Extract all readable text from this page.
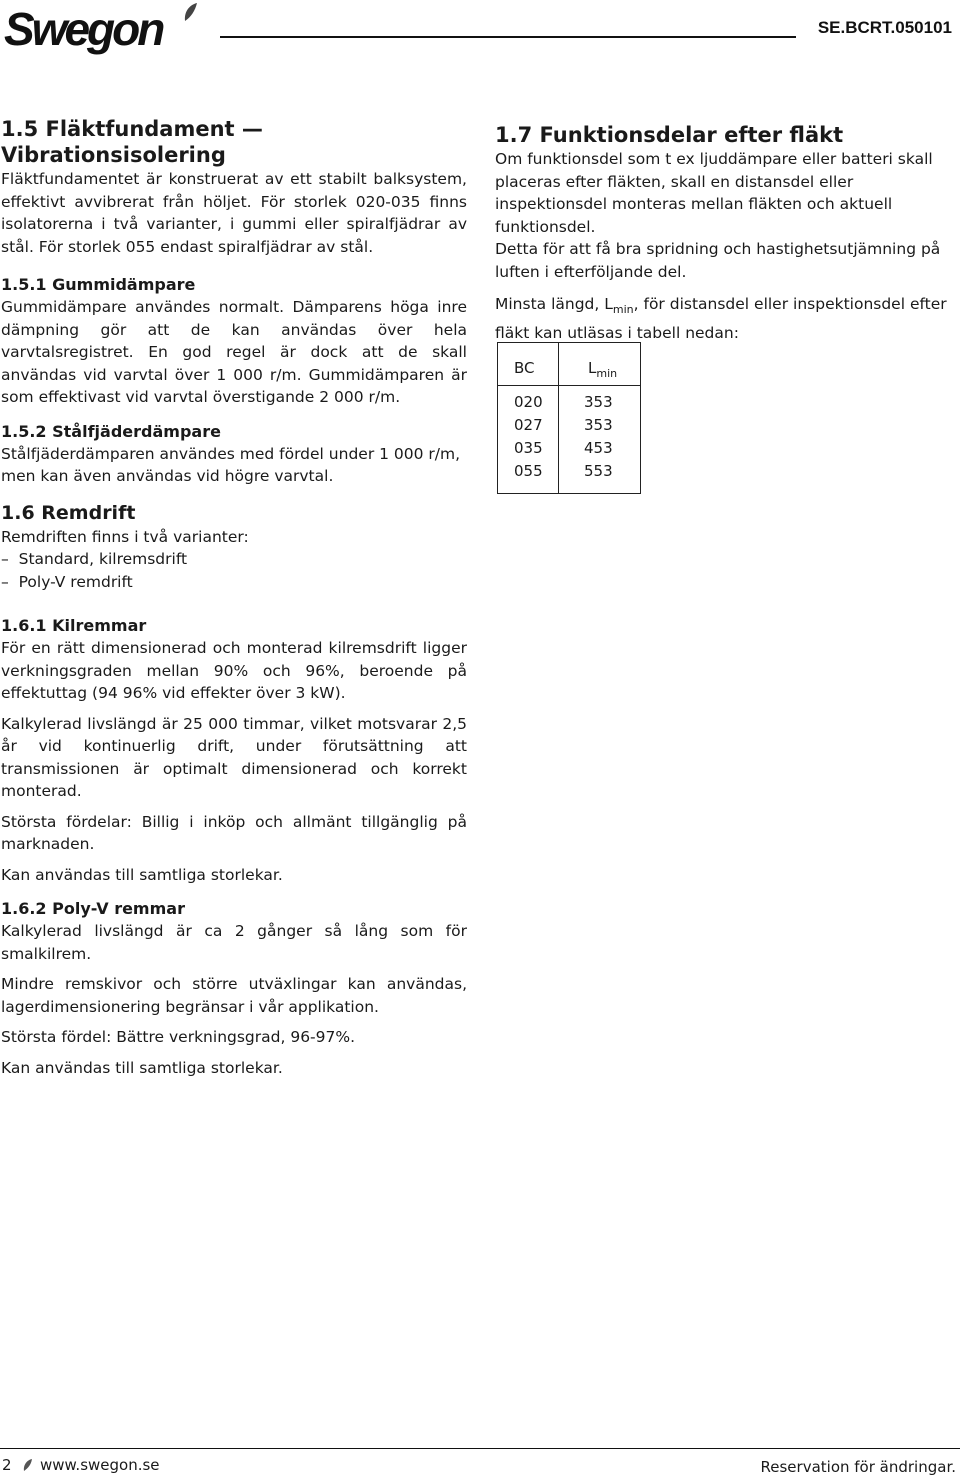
Swegon	SE.BCRT.050101
1.5 Fläktfundament — Vibrationsisolering

Fläktfundamentet är konstruerat av ett stabilt balksystem, effektivt avvibrerat från höljet. För storlek 020-035 finns isolatorerna i två varianter, i gummi eller spiralfjädrar av stål. För storlek 055 endast spiralfjädrar av stål.

1.5.1 Gummidämpare

Gummidämpare användes normalt. Dämparens höga inre dämpning gör att de kan användas över hela varvtalsregistret. En god regel är dock att de skall användas vid varvtal över 1 000 r/m. Gummidämparen är som effektivast vid varvtal överstigande 2 000 r/m.

1.5.2 Stålfjäderdämpare

Stålfjäderdämparen användes med fördel under 1 000 r/m, men kan även användas vid högre varvtal.

1.6 Remdrift

Remdriften finns i två varianter:

–  Standard, kilremsdrift

–  Poly-V remdrift

1.6.1 Kilremmar

För en rätt dimensionerad och monterad kilremsdrift ligger verkningsgraden mellan 90% och 96%, beroende på effektuttag (94 96% vid effekter över 3 kW).

Kalkylerad livslängd är 25 000 timmar, vilket motsvarar 2,5 år vid kontinuerlig drift, under förutsättning att transmissionen är optimalt dimensionerad och korrekt monterad.

Största fördelar: Billig i inköp och allmänt tillgänglig på marknaden.

Kan användas till samtliga storlekar.

1.6.2 Poly-V remmar

Kalkylerad livslängd är ca 2 gånger så lång som för smalkilrem.

Mindre remskivor och större utväxlingar kan användas, lagerdimensionering begränsar i vår applikation.

Största fördel: Bättre verkningsgrad, 96-97%.

Kan användas till samtliga storlekar.

1.7 Funktionsdelar efter fläkt

Om funktionsdel som t ex ljuddämpare eller batteri skall placeras efter fläkten, skall en distansdel eller inspektionsdel monteras mellan fläkten och aktuell funktionsdel.

Detta för att få bra spridning och hastighetsutjämning på luften i efterföljande del.

Minsta längd, $L_{min}$, för distansdel eller inspektionsdel efter fläkt kan utläsas i tabell nedan:

BC	$L_{min}$
020	353
027	353
035	453
055	553
2 www.swegon.se	Reservation för ändringar.
